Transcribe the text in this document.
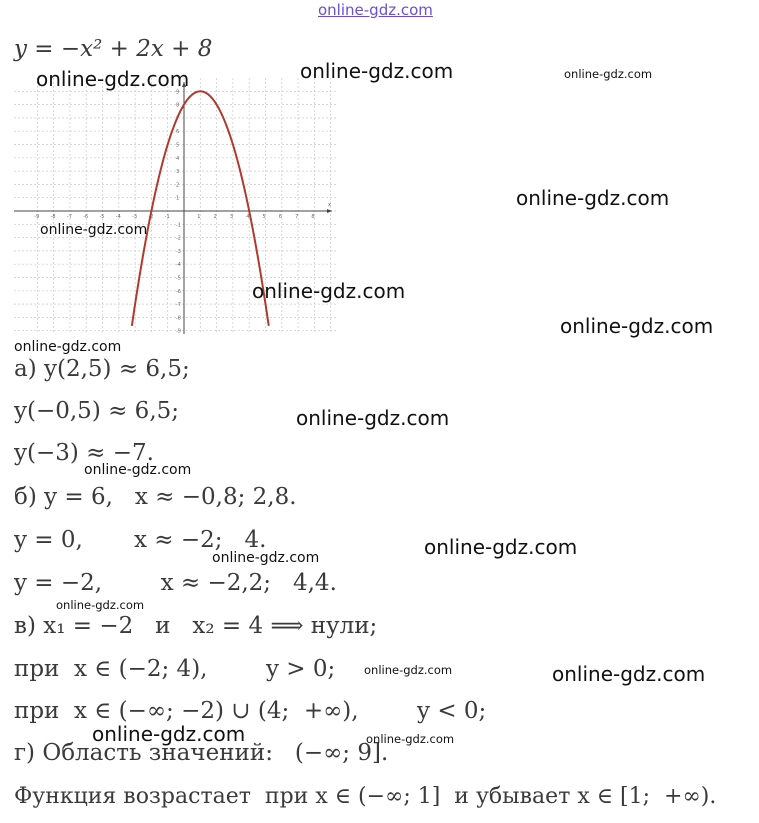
online-gdz.com
y = −x² + 2x + 8
x
-9 -8 -7 -6 -5 -4 -3 -2 -1	1	2	3	4	5	6	7	8
9
8
7
6
5
4
3
2
1
-1
-2
-3
-4
-5
-6
-7
-8
-9
а) y(2,5) ≈ 6,5;
y(−0,5) ≈ 6,5;
y(−3) ≈ −7.
б) y = 6,   x ≈ −0,8; 2,8.
y = 0,       x ≈ −2;   4.
y = −2,        x ≈ −2,2;   4,4.
в) x₁ = −2   и   x₂ = 4 ⟹ нули;
при  x ∈ (−2; 4),        y > 0;
при  x ∈ (−∞; −2) ∪ (4;  +∞),        y < 0;
г) Область значений:   (−∞; 9].
Функция возрастает  при x ∈ (−∞; 1]  и убывает x ∈ [1;  +∞).
online-gdz.com	online-gdz.com	online-gdz.com
online-gdz.com
online-gdz.com
online-gdz.com
online-gdz.com
online-gdz.com
online-gdz.com
online-gdz.com
online-gdz.com
online-gdz.com
online-gdz.com
online-gdz.com	online-gdz.com
online-gdz.com
online-gdz.com
